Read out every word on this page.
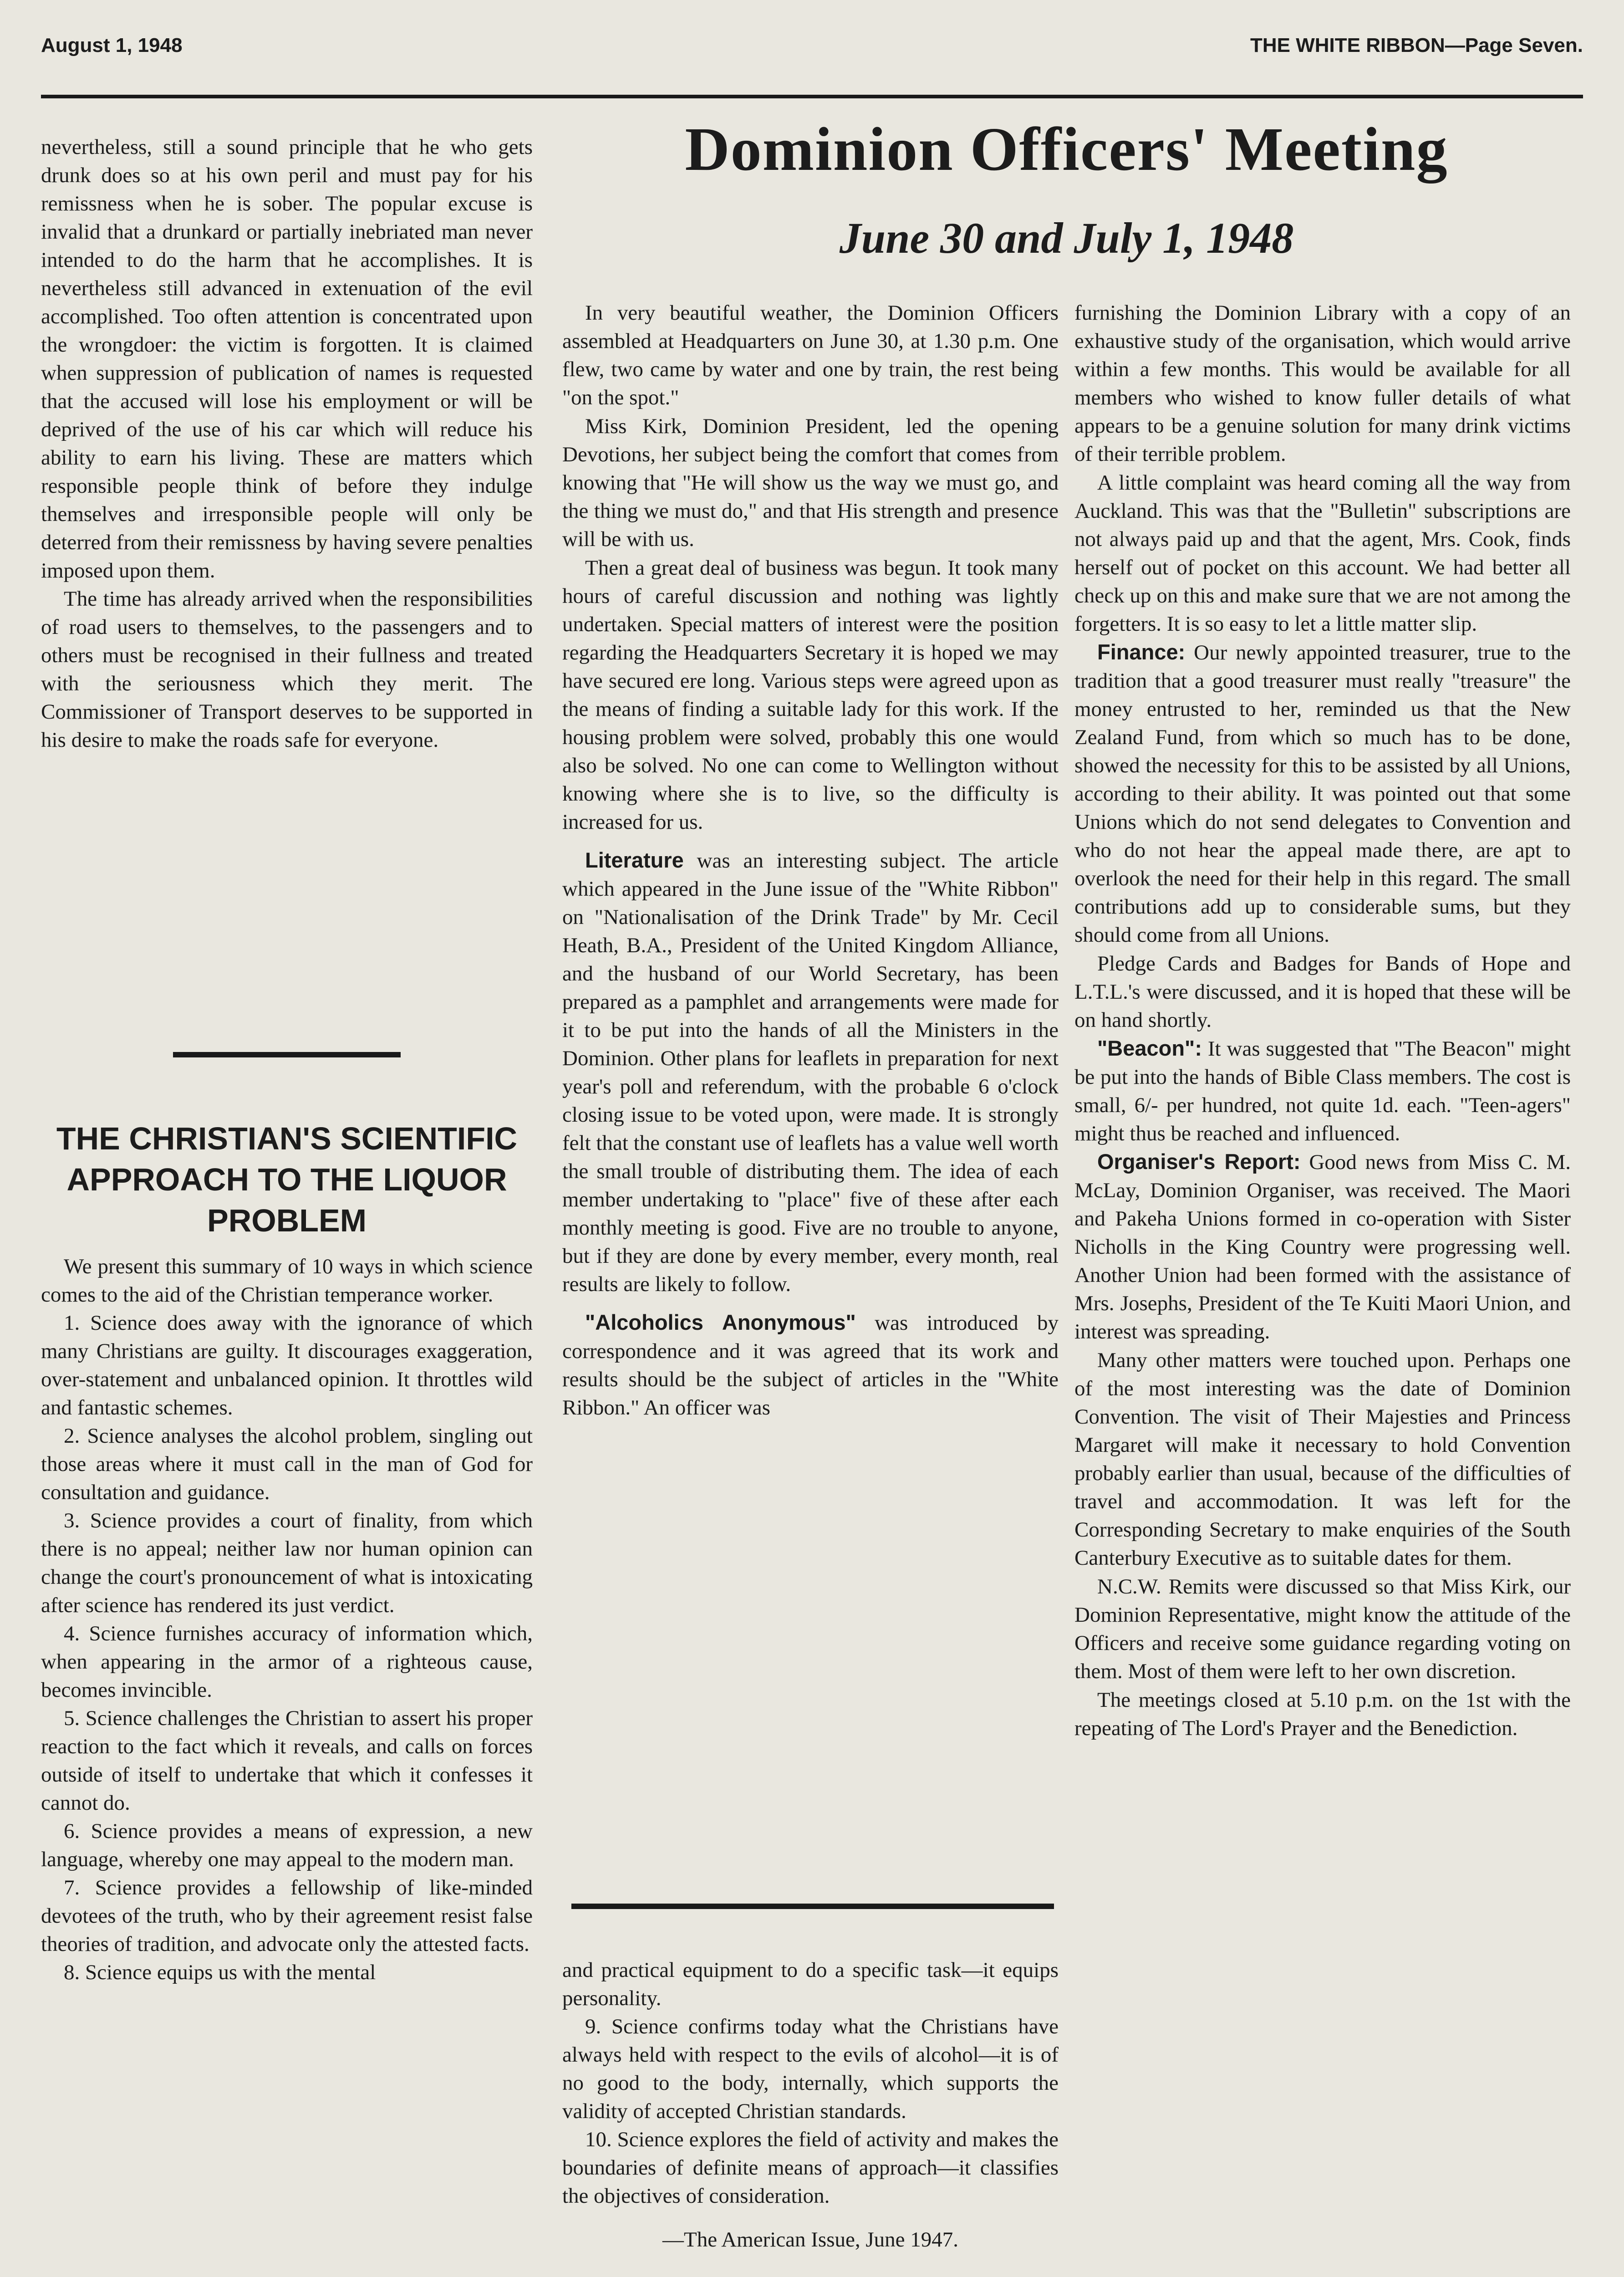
August 1, 1948	THE WHITE RIBBON—Page Seven.

nevertheless, still a sound principle that he who gets drunk does so at his own peril and must pay for his remissness when he is sober. The popular excuse is invalid that a drunkard or partially inebriated man never intended to do the harm that he accomplishes. It is nevertheless still advanced in extenuation of the evil accomplished. Too often attention is concentrated upon the wrongdoer: the victim is forgotten. It is claimed when suppression of publication of names is requested that the accused will lose his employment or will be deprived of the use of his car which will reduce his ability to earn his living. These are matters which responsible people think of before they indulge themselves and irresponsible people will only be deterred from their remissness by having severe penalties imposed upon them.

The time has already arrived when the responsibilities of road users to themselves, to the passengers and to others must be recognised in their fullness and treated with the seriousness which they merit. The Commissioner of Transport deserves to be supported in his desire to make the roads safe for everyone.

THE CHRISTIAN'S SCIENTIFIC APPROACH TO THE LIQUOR PROBLEM

We present this summary of 10 ways in which science comes to the aid of the Christian temperance worker.

1. Science does away with the ignorance of which many Christians are guilty. It discourages exaggeration, over-statement and unbalanced opinion. It throttles wild and fantastic schemes.

2. Science analyses the alcohol problem, singling out those areas where it must call in the man of God for consultation and guidance.

3. Science provides a court of finality, from which there is no appeal; neither law nor human opinion can change the court's pronouncement of what is intoxicating after science has rendered its just verdict.

4. Science furnishes accuracy of information which, when appearing in the armor of a righteous cause, becomes invincible.

5. Science challenges the Christian to assert his proper reaction to the fact which it reveals, and calls on forces outside of itself to undertake that which it confesses it cannot do.

6. Science provides a means of expression, a new language, whereby one may appeal to the modern man.

7. Science provides a fellowship of like-minded devotees of the truth, who by their agreement resist false theories of tradition, and advocate only the attested facts.

8. Science equips us with the mental

Dominion Officers' Meeting
June 30 and July 1, 1948

In very beautiful weather, the Dominion Officers assembled at Headquarters on June 30, at 1.30 p.m. One flew, two came by water and one by train, the rest being "on the spot."

Miss Kirk, Dominion President, led the opening Devotions, her subject being the comfort that comes from knowing that "He will show us the way we must go, and the thing we must do," and that His strength and presence will be with us.

Then a great deal of business was begun. It took many hours of careful discussion and nothing was lightly undertaken. Special matters of interest were the position regarding the Headquarters Secretary it is hoped we may have secured ere long. Various steps were agreed upon as the means of finding a suitable lady for this work. If the housing problem were solved, probably this one would also be solved. No one can come to Wellington without knowing where she is to live, so the difficulty is increased for us.

Literature was an interesting subject. The article which appeared in the June issue of the "White Ribbon" on "Nationalisation of the Drink Trade" by Mr. Cecil Heath, B.A., President of the United Kingdom Alliance, and the husband of our World Secretary, has been prepared as a pamphlet and arrangements were made for it to be put into the hands of all the Ministers in the Dominion. Other plans for leaflets in preparation for next year's poll and referendum, with the probable 6 o'clock closing issue to be voted upon, were made. It is strongly felt that the constant use of leaflets has a value well worth the small trouble of distributing them. The idea of each member undertaking to "place" five of these after each monthly meeting is good. Five are no trouble to anyone, but if they are done by every member, every month, real results are likely to follow.

"Alcoholics Anonymous" was introduced by correspondence and it was agreed that its work and results should be the subject of articles in the "White Ribbon." An officer was

and practical equipment to do a specific task—it equips personality.

9. Science confirms today what the Christians have always held with respect to the evils of alcohol—it is of no good to the body, internally, which supports the validity of accepted Christian standards.

10. Science explores the field of activity and makes the boundaries of definite means of approach—it classifies the objectives of consideration.

—The American Issue, June 1947.

furnishing the Dominion Library with a copy of an exhaustive study of the organisation, which would arrive within a few months. This would be available for all members who wished to know fuller details of what appears to be a genuine solution for many drink victims of their terrible problem.

A little complaint was heard coming all the way from Auckland. This was that the "Bulletin" subscriptions are not always paid up and that the agent, Mrs. Cook, finds herself out of pocket on this account. We had better all check up on this and make sure that we are not among the forgetters. It is so easy to let a little matter slip.

Finance: Our newly appointed treasurer, true to the tradition that a good treasurer must really "treasure" the money entrusted to her, reminded us that the New Zealand Fund, from which so much has to be done, showed the necessity for this to be assisted by all Unions, according to their ability. It was pointed out that some Unions which do not send delegates to Convention and who do not hear the appeal made there, are apt to overlook the need for their help in this regard. The small contributions add up to considerable sums, but they should come from all Unions.

Pledge Cards and Badges for Bands of Hope and L.T.L.'s were discussed, and it is hoped that these will be on hand shortly.

"Beacon": It was suggested that "The Beacon" might be put into the hands of Bible Class members. The cost is small, 6/- per hundred, not quite 1d. each. "Teen-agers" might thus be reached and influenced.

Organiser's Report: Good news from Miss C. M. McLay, Dominion Organiser, was received. The Maori and Pakeha Unions formed in co-operation with Sister Nicholls in the King Country were progressing well. Another Union had been formed with the assistance of Mrs. Josephs, President of the Te Kuiti Maori Union, and interest was spreading.

Many other matters were touched upon. Perhaps one of the most interesting was the date of Dominion Convention. The visit of Their Majesties and Princess Margaret will make it necessary to hold Convention probably earlier than usual, because of the difficulties of travel and accommodation. It was left for the Corresponding Secretary to make enquiries of the South Canterbury Executive as to suitable dates for them.

N.C.W. Remits were discussed so that Miss Kirk, our Dominion Representative, might know the attitude of the Officers and receive some guidance regarding voting on them. Most of them were left to her own discretion.

The meetings closed at 5.10 p.m. on the 1st with the repeating of The Lord's Prayer and the Benediction.
